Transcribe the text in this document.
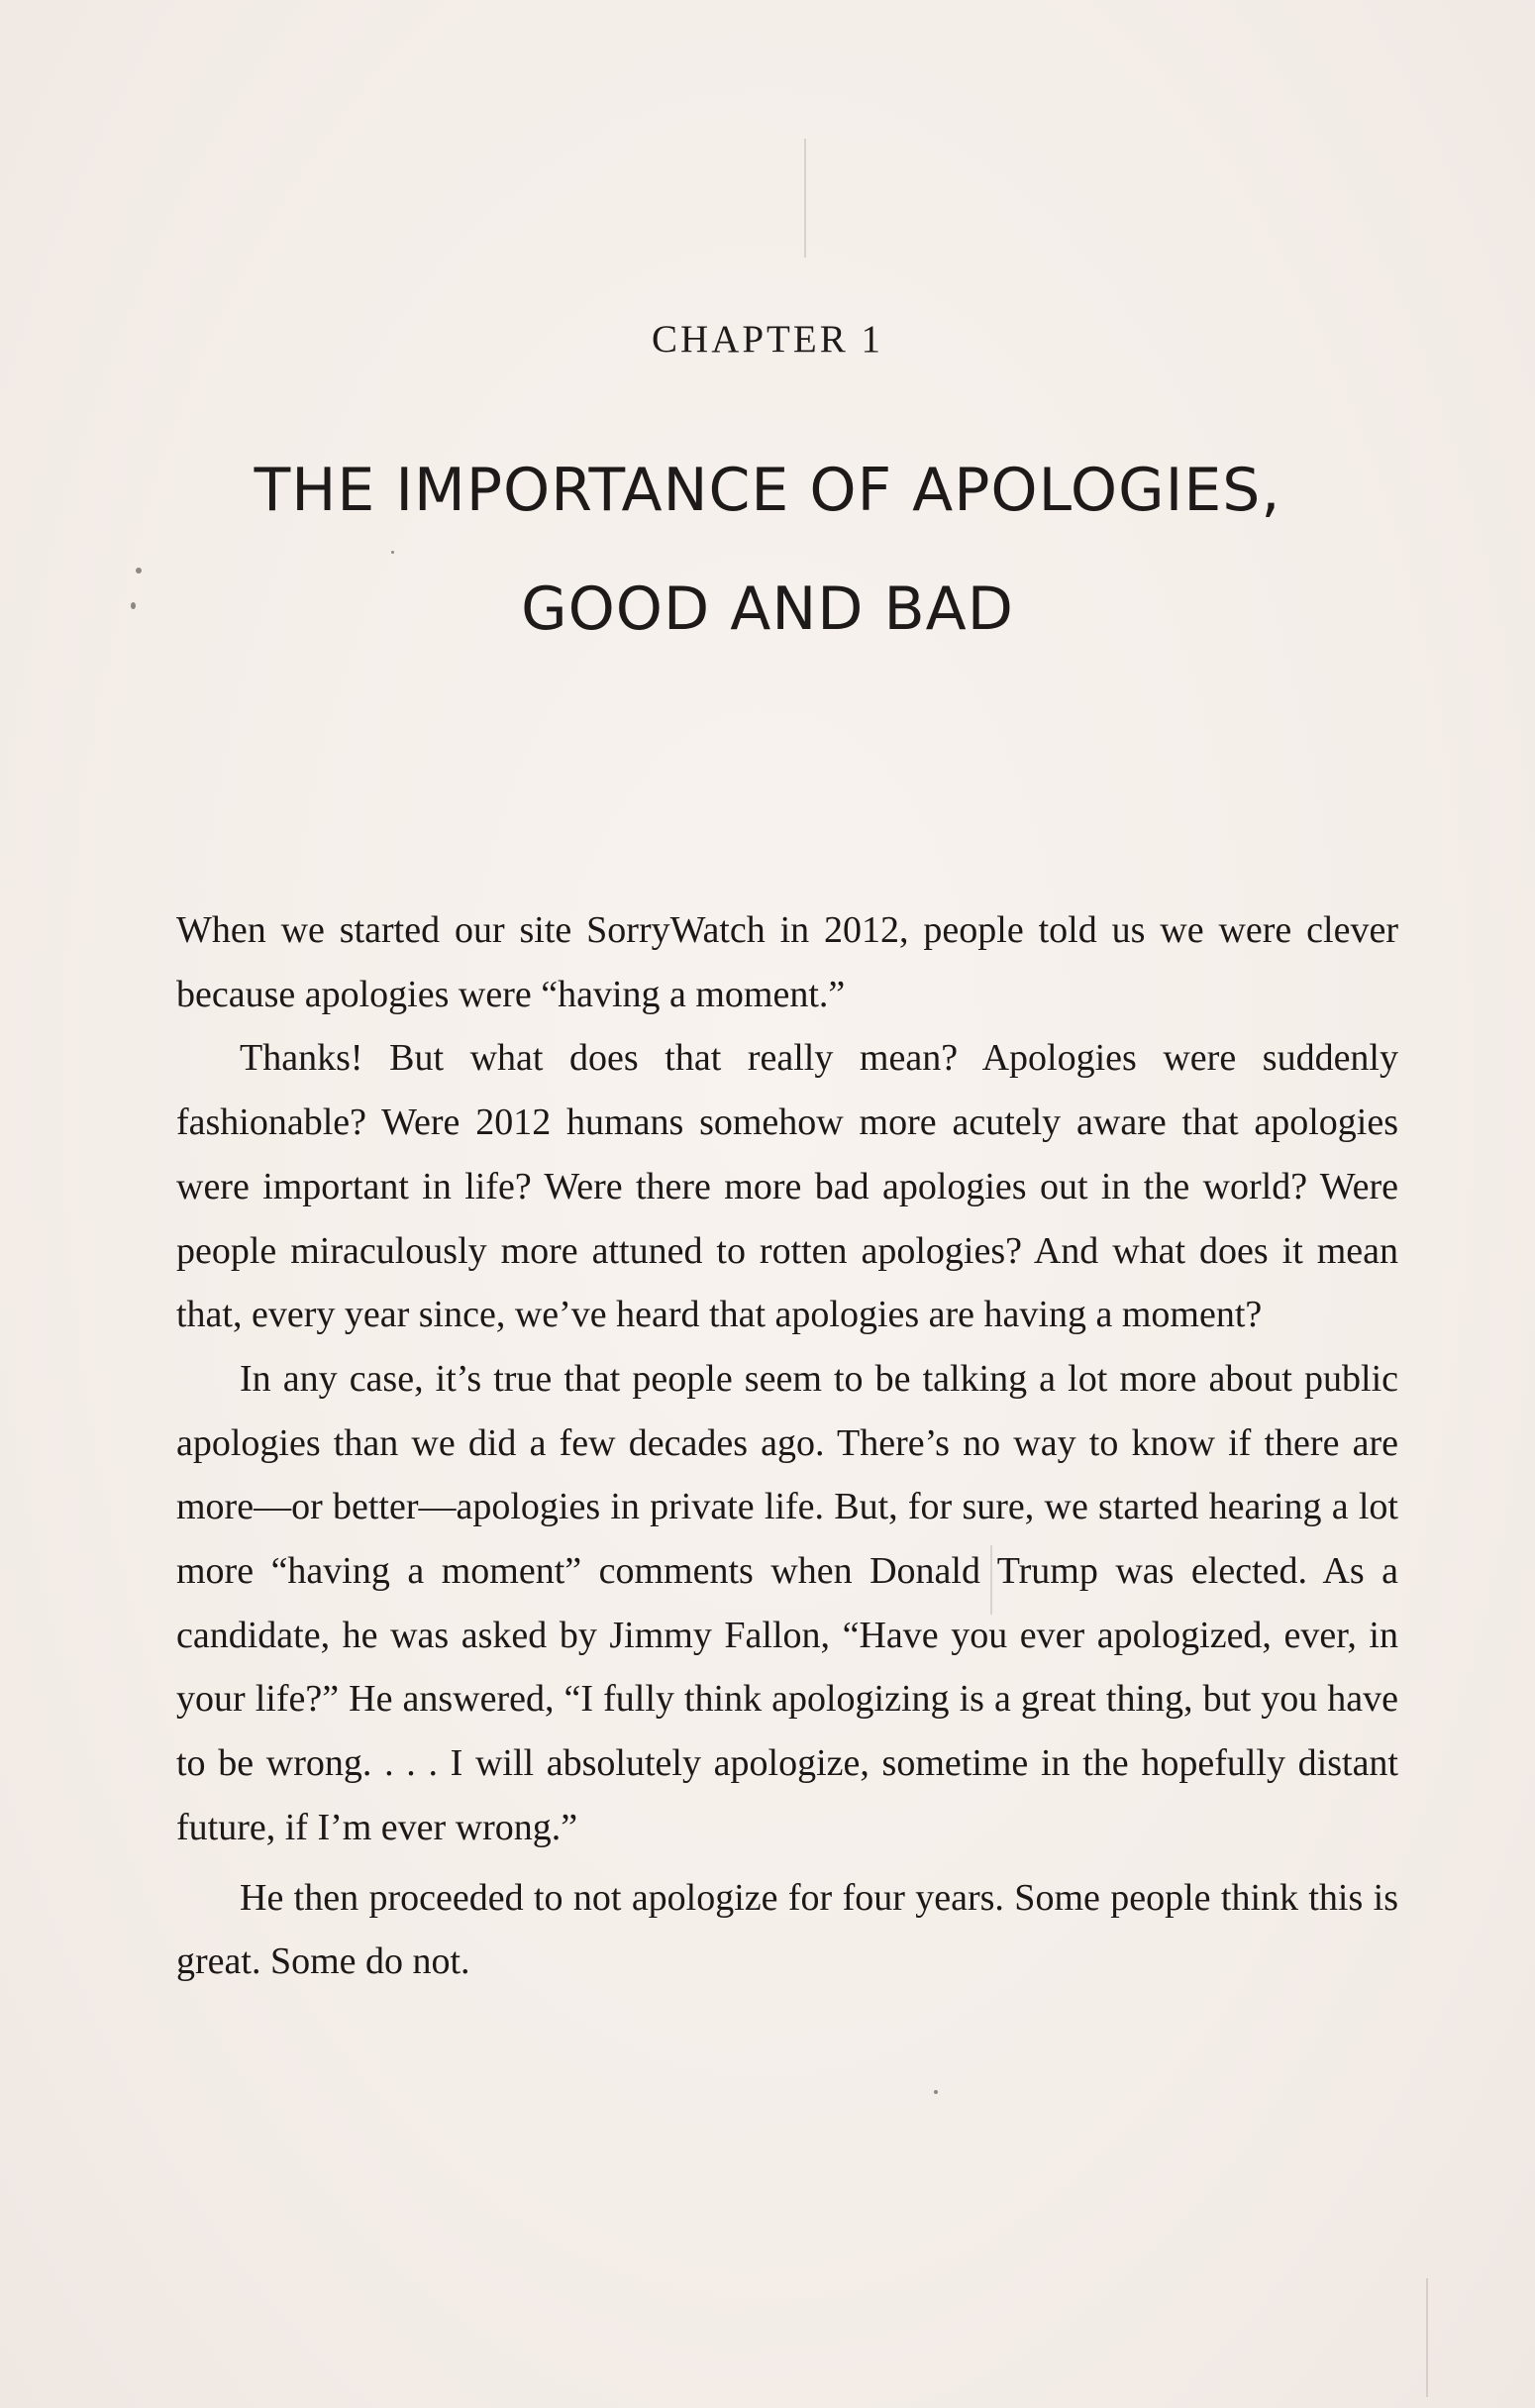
CHAPTER 1
THE IMPORTANCE OF APOLOGIES,
GOOD AND BAD

When we started our site SorryWatch in 2012, people told us we were clever because apologies were “having a moment.”

Thanks! But what does that really mean? Apologies were suddenly fashionable? Were 2012 humans somehow more acutely aware that apologies were important in life? Were there more bad apologies out in the world? Were people miraculously more attuned to rotten apologies? And what does it mean that, every year since, we’ve heard that apologies are having a moment?

In any case, it’s true that people seem to be talking a lot more about public apologies than we did a few decades ago. There’s no way to know if there are more—or better—apologies in private life. But, for sure, we started hearing a lot more “having a moment” comments when Donald Trump was elected. As a candidate, he was asked by Jimmy Fallon, “Have you ever apologized, ever, in your life?” He answered, “I fully think apologizing is a great thing, but you have to be wrong. . . . I will absolutely apologize, sometime in the hopefully distant future, if I’m ever wrong.”

He then proceeded to not apologize for four years. Some people think this is great. Some do not.
